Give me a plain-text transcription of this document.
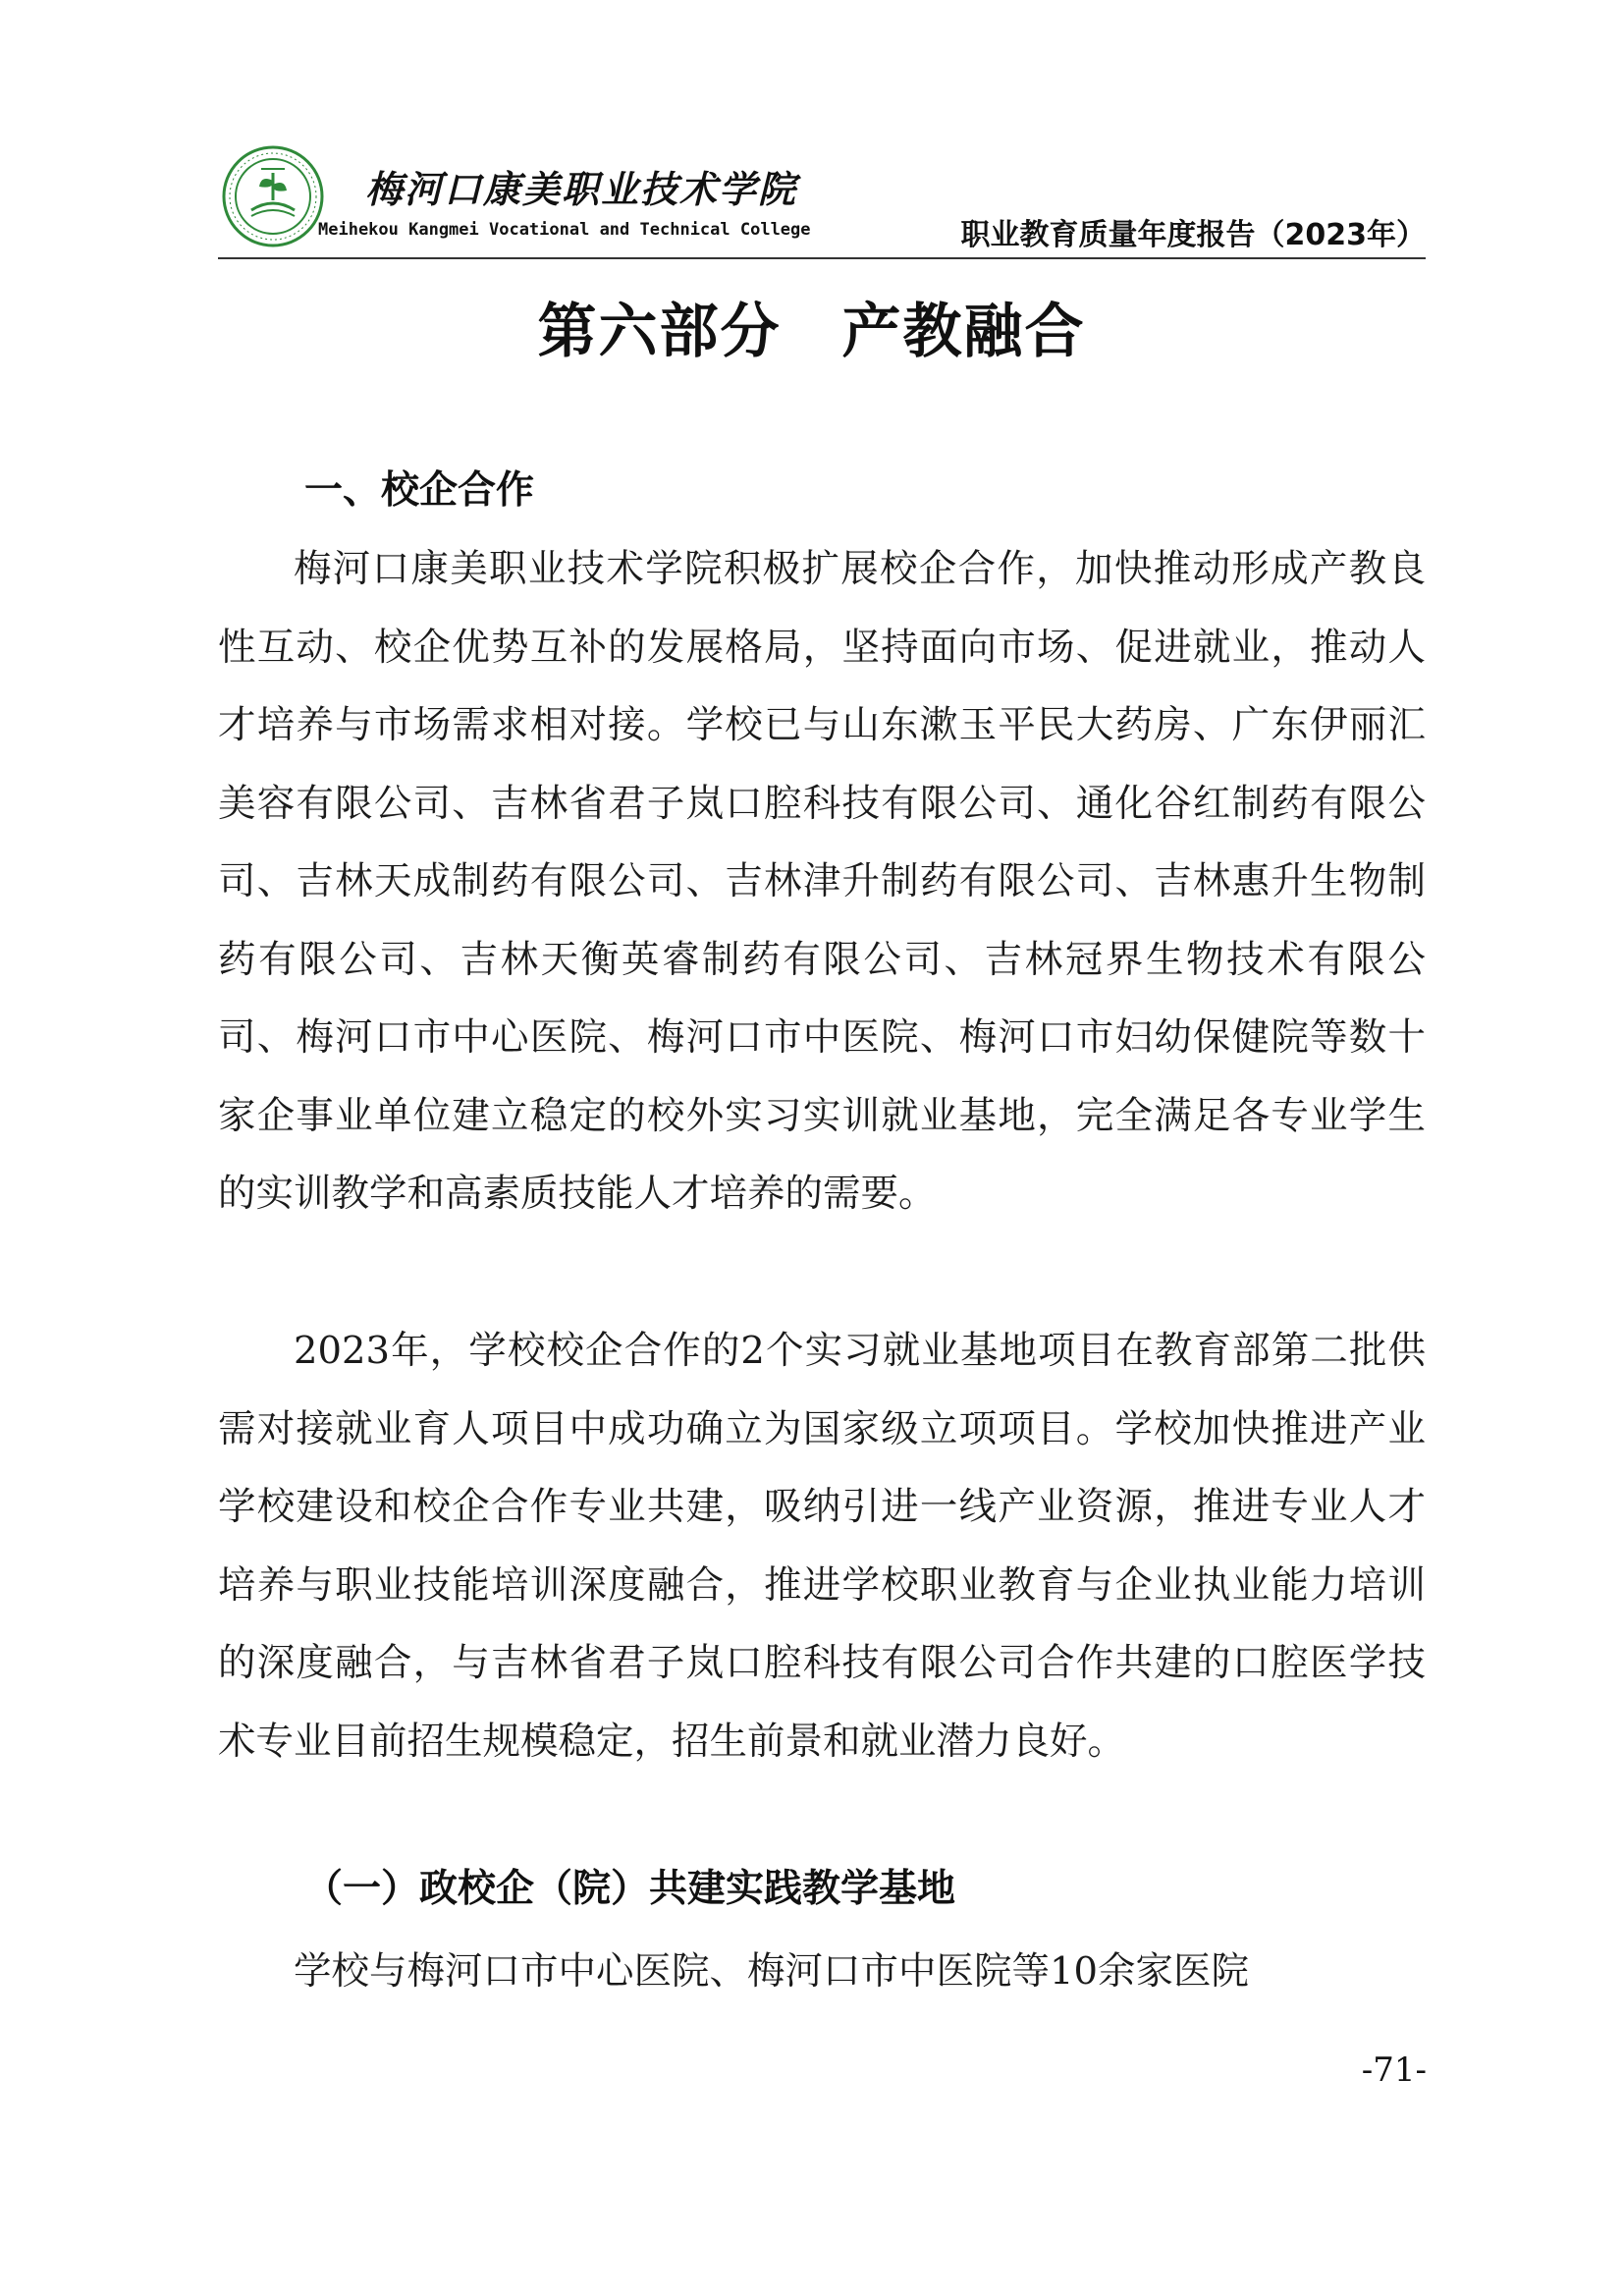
梅河口康美职业技术学院
Meihekou Kangmei Vocational and Technical College	职业教育质量年度报告（2023年）
第六部分　产教融合
一、校企合作

梅河口康美职业技术学院积极扩展校企合作，加快推动形成产教良性互动、校企优势互补的发展格局，坚持面向市场、促进就业，推动人才培养与市场需求相对接。学校已与山东漱玉平民大药房、广东伊丽汇美容有限公司、吉林省君子岚口腔科技有限公司、通化谷红制药有限公司、吉林天成制药有限公司、吉林津升制药有限公司、吉林惠升生物制药有限公司、吉林天衡英睿制药有限公司、吉林冠界生物技术有限公司、梅河口市中心医院、梅河口市中医院、梅河口市妇幼保健院等数十家企事业单位建立稳定的校外实习实训就业基地，完全满足各专业学生的实训教学和高素质技能人才培养的需要。

2023年，学校校企合作的2个实习就业基地项目在教育部第二批供需对接就业育人项目中成功确立为国家级立项项目。学校加快推进产业学校建设和校企合作专业共建，吸纳引进一线产业资源，推进专业人才培养与职业技能培训深度融合，推进学校职业教育与企业执业能力培训的深度融合，与吉林省君子岚口腔科技有限公司合作共建的口腔医学技术专业目前招生规模稳定，招生前景和就业潜力良好。

（一）政校企（院）共建实践教学基地

学校与梅河口市中心医院、梅河口市中医院等10余家医院

-71-
